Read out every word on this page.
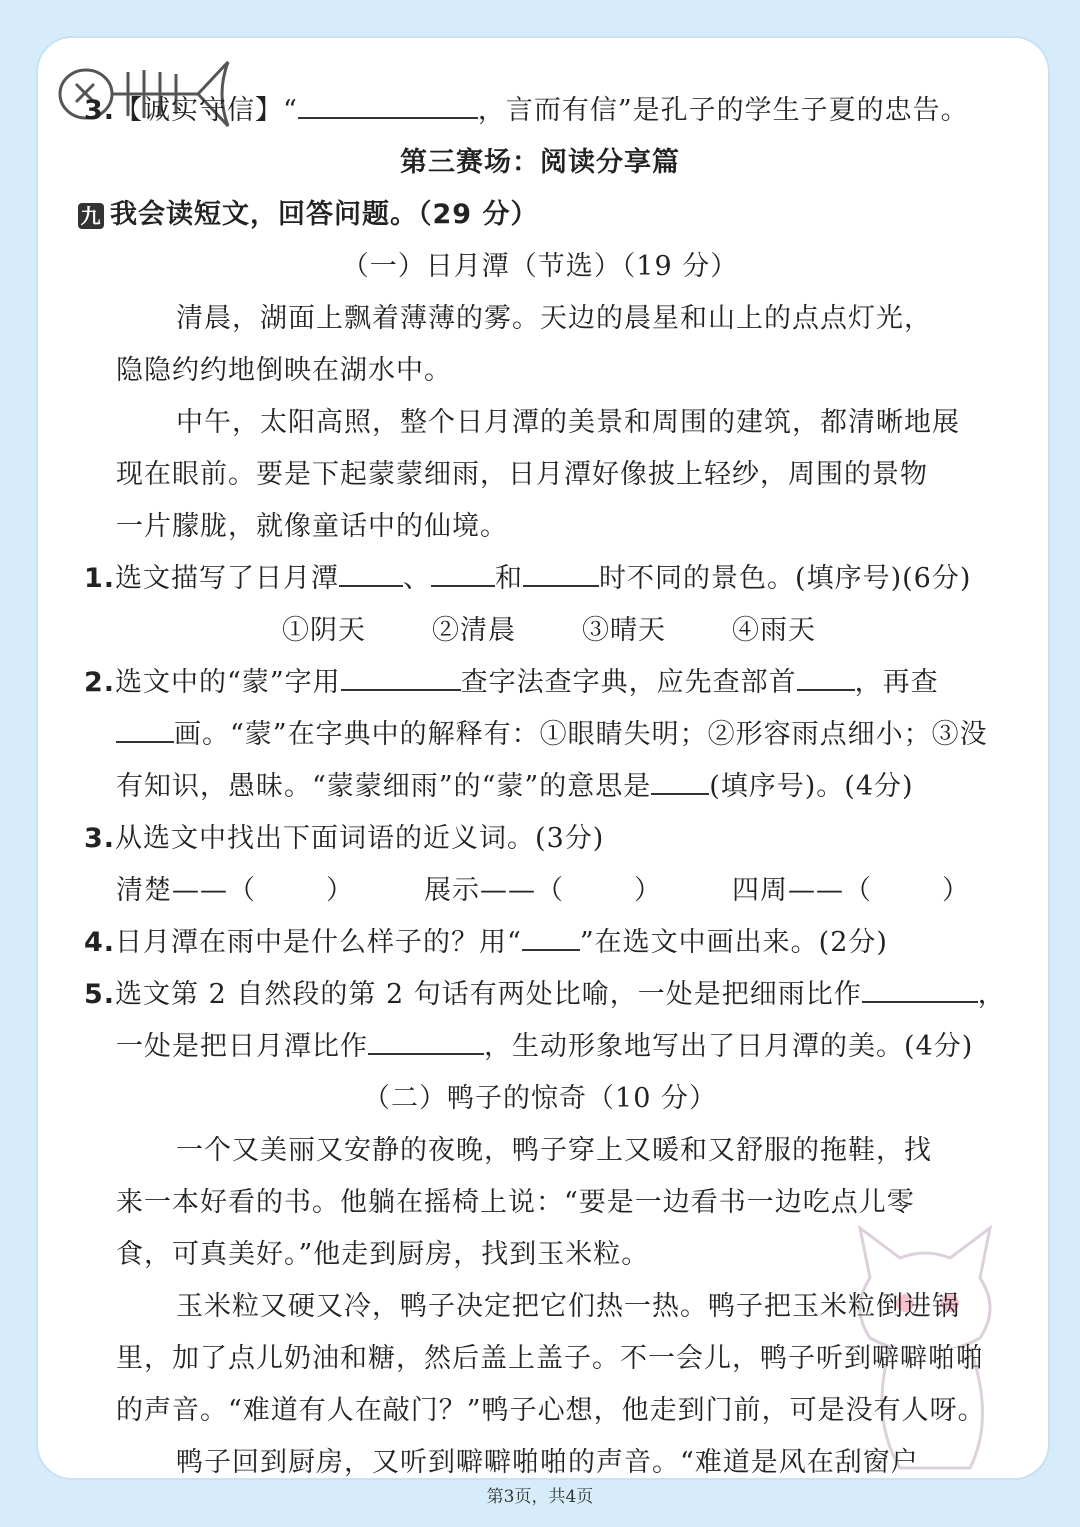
3.【诚实守信】“	，言而有信”是孔子的学生子夏的忠告。
第三赛场：阅读分享篇
九 我会读短文，回答问题。（29 分）
（一）日月潭（节选）（19 分）
清晨，湖面上飘着薄薄的雾。天边的晨星和山上的点点灯光，
隐隐约约地倒映在湖水中。
中午，太阳高照，整个日月潭的美景和周围的建筑，都清晰地展
现在眼前。要是下起蒙蒙细雨，日月潭好像披上轻纱，周围的景物
一片朦胧，就像童话中的仙境。
1.选文描写了日月潭 、 和	时不同的景色。(填序号)(6分)
①阴天 ②清晨 ③晴天 ④雨天
2.选文中的“蒙”字用	查字法查字典，应先查部首 ，再查
画。“蒙”在字典中的解释有：①眼睛失明；②形容雨点细小；③没
有知识，愚昧。“蒙蒙细雨”的“蒙”的意思是 (填序号)。(4分)
3.从选文中找出下面词语的近义词。(3分)
清楚——（	）	展示——（	）	四周——（	）
4.日月潭在雨中是什么样子的？用“ ”在选文中画出来。(2分)
5.选文第 2 自然段的第 2 句话有两处比喻，一处是把细雨比作	，
一处是把日月潭比作	，生动形象地写出了日月潭的美。(4分)
（二）鸭子的惊奇（10 分）
一个又美丽又安静的夜晚，鸭子穿上又暖和又舒服的拖鞋，找
来一本好看的书。他躺在摇椅上说：“要是一边看书一边吃点儿零
食，可真美好。”他走到厨房，找到玉米粒。
玉米粒又硬又冷，鸭子决定把它们热一热。鸭子把玉米粒倒进锅
里，加了点儿奶油和糖，然后盖上盖子。不一会儿，鸭子听到噼噼啪啪
的声音。“难道有人在敲门？”鸭子心想，他走到门前，可是没有人呀。
鸭子回到厨房，又听到噼噼啪啪的声音。“难道是风在刮窗户
第3页，共4页
